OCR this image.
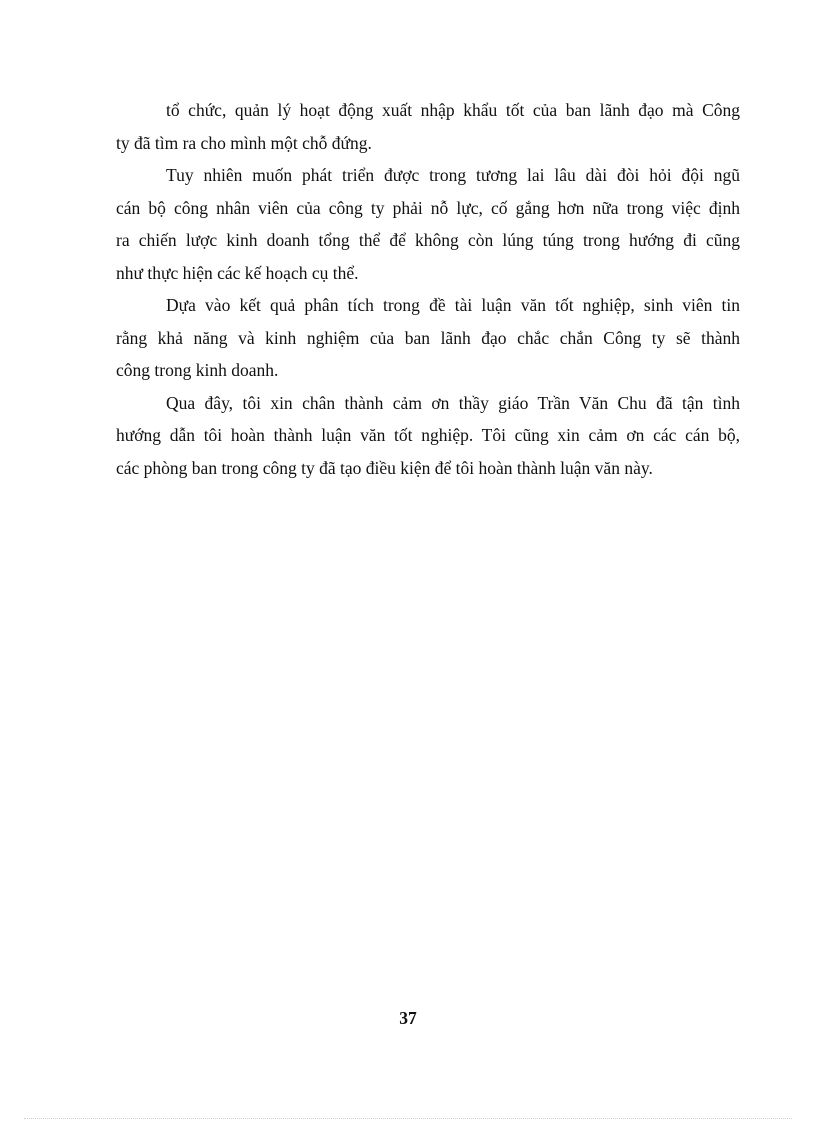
tổ chức, quản lý hoạt động xuất nhập khẩu tốt của ban lãnh đạo mà Công
ty đã tìm ra cho mình một chỗ đứng.

Tuy nhiên muốn phát triển được trong tương lai lâu dài đòi hỏi đội ngũ
cán bộ công nhân viên của công ty phải nỗ lực, cố gắng hơn nữa trong việc định
ra chiến lược kinh doanh tổng thể để không còn lúng túng trong hướng đi cũng
như thực hiện các kế hoạch cụ thể.

Dựa vào kết quả phân tích trong đề tài luận văn tốt nghiệp, sinh viên tin
rằng khả năng và kinh nghiệm của ban lãnh đạo chắc chắn Công ty sẽ thành
công trong kinh doanh.

Qua đây, tôi xin chân thành cảm ơn thầy giáo Trần Văn Chu đã tận tình
hướng dẫn tôi hoàn thành luận văn tốt nghiệp. Tôi cũng xin cảm ơn các cán bộ,
các phòng ban trong công ty đã tạo điều kiện để tôi hoàn thành luận văn này.

37
